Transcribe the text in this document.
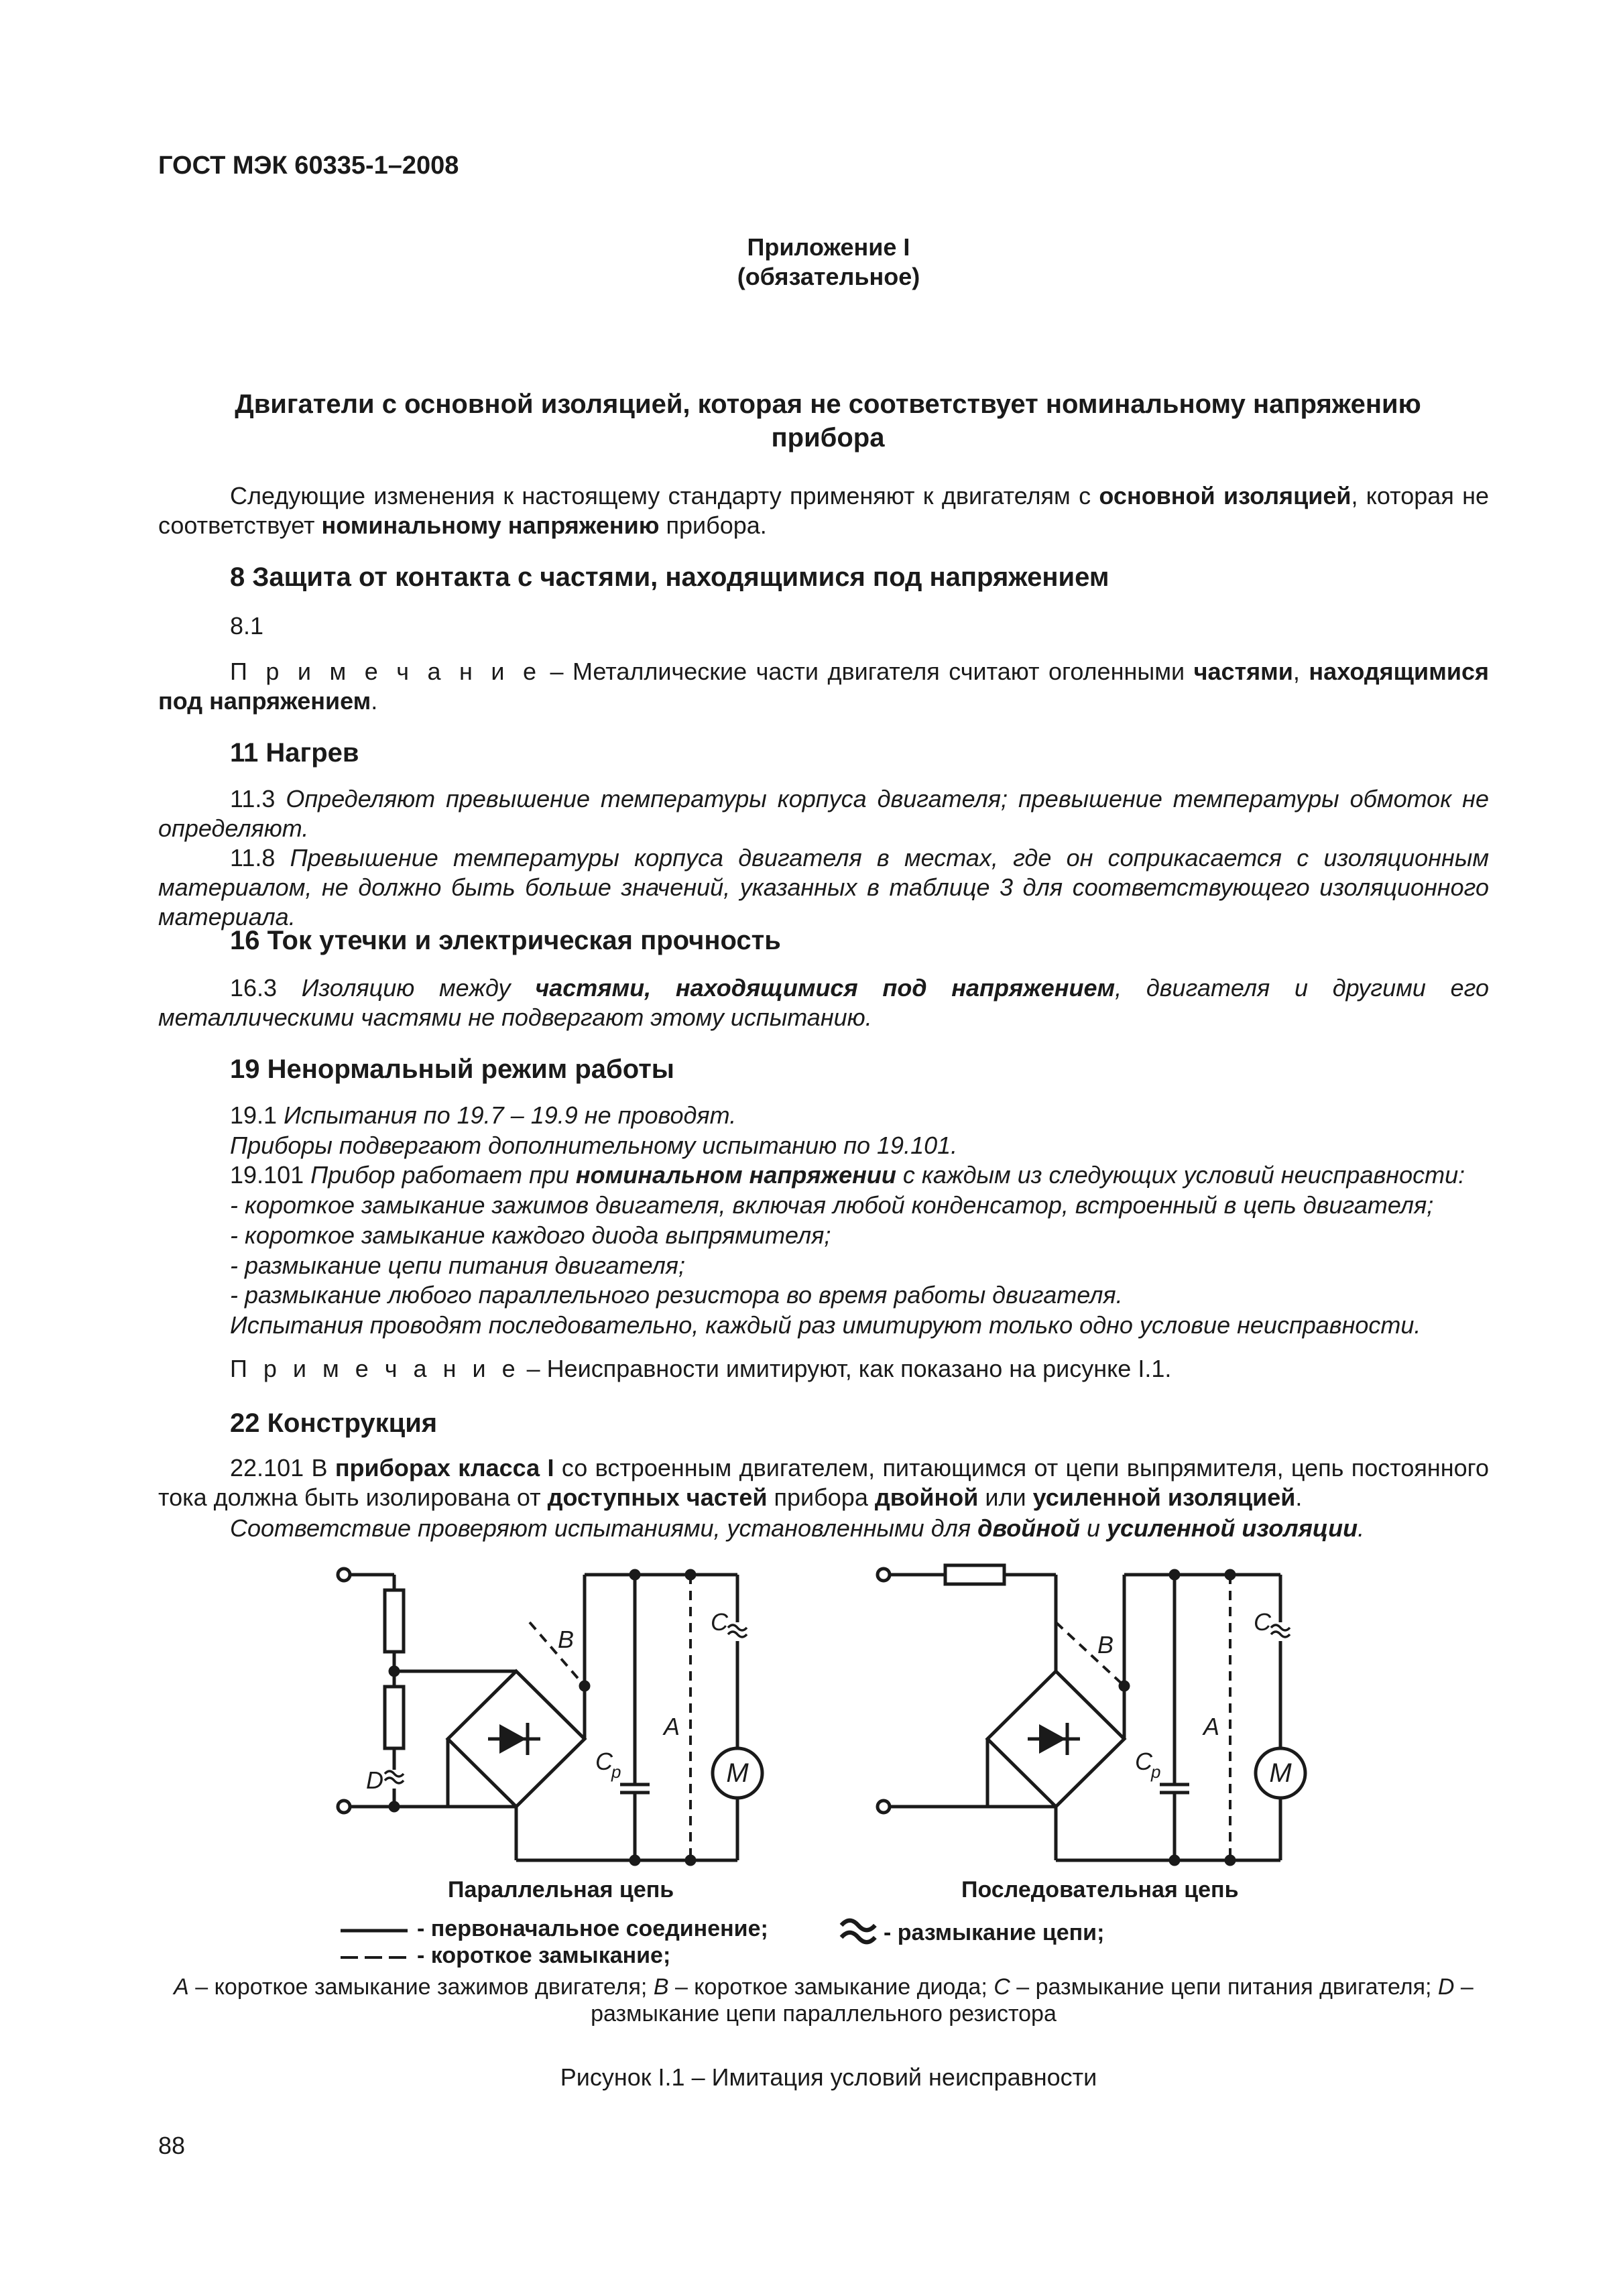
ГОСТ МЭК 60335-1–2008
Приложение I
(обязательное)
Двигатели с основной изоляцией, которая не соответствует номинальному напряжению прибора
Следующие изменения к настоящему стандарту применяют к двигателям с основной изоляцией, которая не соответствует номинальному напряжению прибора.
8 Защита от контакта с частями, находящимися под напряжением
8.1
П р и м е ч а н и е – Металлические части двигателя считают оголенными частями, находящимися под напряжением.
11 Нагрев
11.3 Определяют превышение температуры корпуса двигателя; превышение температуры обмоток не определяют.
11.8 Превышение температуры корпуса двигателя в местах, где он соприкасается с изоляционным материалом, не должно быть больше значений, указанных в таблице 3 для соответствующего изоляционного материала.
16 Ток утечки и электрическая прочность
16.3 Изоляцию между частями, находящимися под напряжением, двигателя и другими его металлическими частями не подвергают этому испытанию.
19 Ненормальный режим работы
19.1 Испытания по 19.7 – 19.9 не проводят.
Приборы подвергают дополнительному испытанию по 19.101.
19.101 Прибор работает при номинальном напряжении с каждым из следующих условий неисправности:
- короткое замыкание зажимов двигателя, включая любой конденсатор, встроенный в цепь двигателя;
- короткое замыкание каждого диода выпрямителя;
- размыкание цепи питания двигателя;
- размыкание любого параллельного резистора во время работы двигателя.
Испытания проводят последовательно, каждый раз имитируют только одно условие неисправности.
П р и м е ч а н и е – Неисправности имитируют, как показано на рисунке I.1.
22 Конструкция
22.101 В приборах класса I со встроенным двигателем, питающимся от цепи выпрямителя, цепь постоянного тока должна быть изолирована от доступных частей прибора двойной или усиленной изоляцией.
Соответствие проверяют испытаниями, установленными для двойной и усиленной изоляции.
B
C
A
D
C
p	M
B
C
A
C
p	M
Параллельная цепь	Последовательная цепь
- первоначальное соединение;
- короткое замыкание;
- размыкание цепи;
A – короткое замыкание зажимов двигателя; B – короткое замыкание диода; C – размыкание цепи питания двигателя; D –
размыкание цепи параллельного резистора
Рисунок I.1 – Имитация условий неисправности
88
